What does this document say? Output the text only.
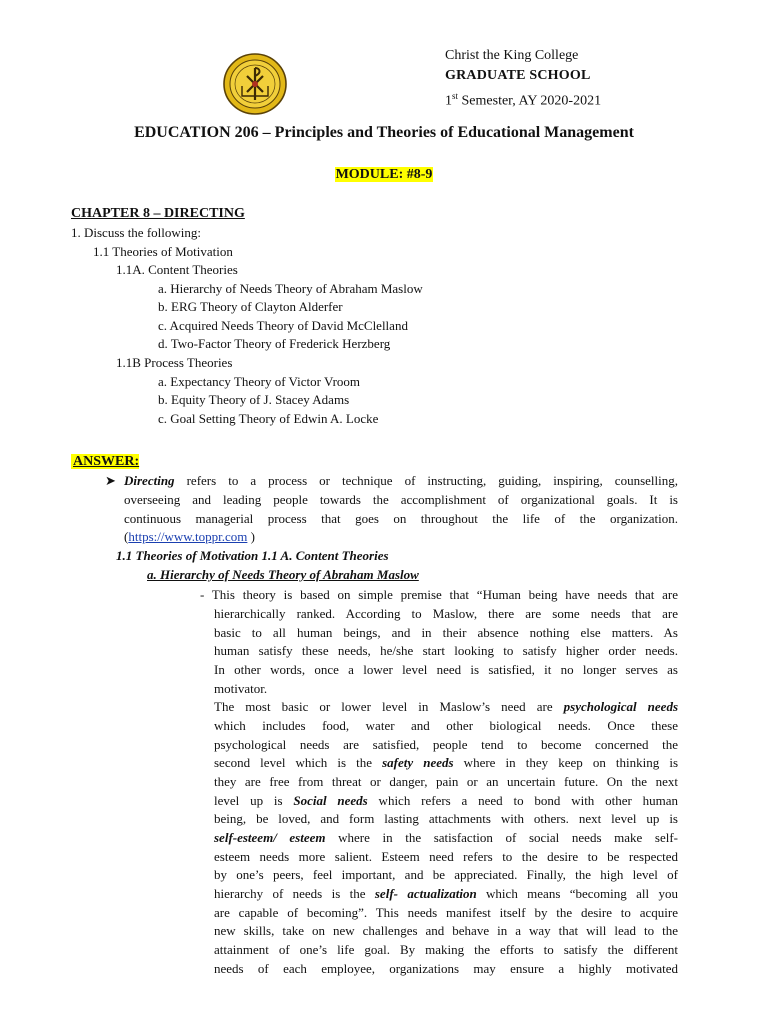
Christ the King College
GRADUATE SCHOOL
1st Semester, AY 2020-2021
EDUCATION 206 – Principles and Theories of Educational Management
MODULE: #8-9
CHAPTER 8 – DIRECTING
1. Discuss the following:
1.1 Theories of Motivation
1.1A. Content Theories
a. Hierarchy of Needs Theory of Abraham Maslow
b. ERG Theory of Clayton Alderfer
c. Acquired Needs Theory of David McClelland
d. Two-Factor Theory of Frederick Herzberg
1.1B Process Theories
a. Expectancy Theory of Victor Vroom
b. Equity Theory of J. Stacey Adams
c. Goal Setting Theory of Edwin A. Locke
ANSWER:
➤ Directing refers to a process or technique of instructing, guiding, inspiring, counselling,
overseeing and leading people towards the accomplishment of organizational goals. It is
continuous managerial process that goes on throughout the life of the organization.
(https://www.toppr.com )
1.1 Theories of Motivation 1.1 A. Content Theories
a. Hierarchy of Needs Theory of Abraham Maslow
- This theory is based on simple premise that “Human being have needs that are
hierarchically ranked. According to Maslow, there are some needs that are
basic to all human beings, and in their absence nothing else matters. As
human satisfy these needs, he/she start looking to satisfy higher order needs.
In other words, once a lower level need is satisfied, it no longer serves as
motivator.
The most basic or lower level in Maslow’s need are psychological needs
which includes food, water and other biological needs. Once these
psychological needs are satisfied, people tend to become concerned the
second level which is the safety needs where in they keep on thinking is
they are free from threat or danger, pain or an uncertain future. On the next
level up is Social needs which refers a need to bond with other human
being, be loved, and form lasting attachments with others. next level up is
self-esteem/ esteem where in the satisfaction of social needs make self-
esteem needs more salient. Esteem need refers to the desire to be respected
by one’s peers, feel important, and be appreciated. Finally, the high level of
hierarchy of needs is the self- actualization which means “becoming all you
are capable of becoming”. This needs manifest itself by the desire to acquire
new skills, take on new challenges and behave in a way that will lead to the
attainment of one’s life goal. By making the efforts to satisfy the different
needs of each employee, organizations may ensure a highly motivated
